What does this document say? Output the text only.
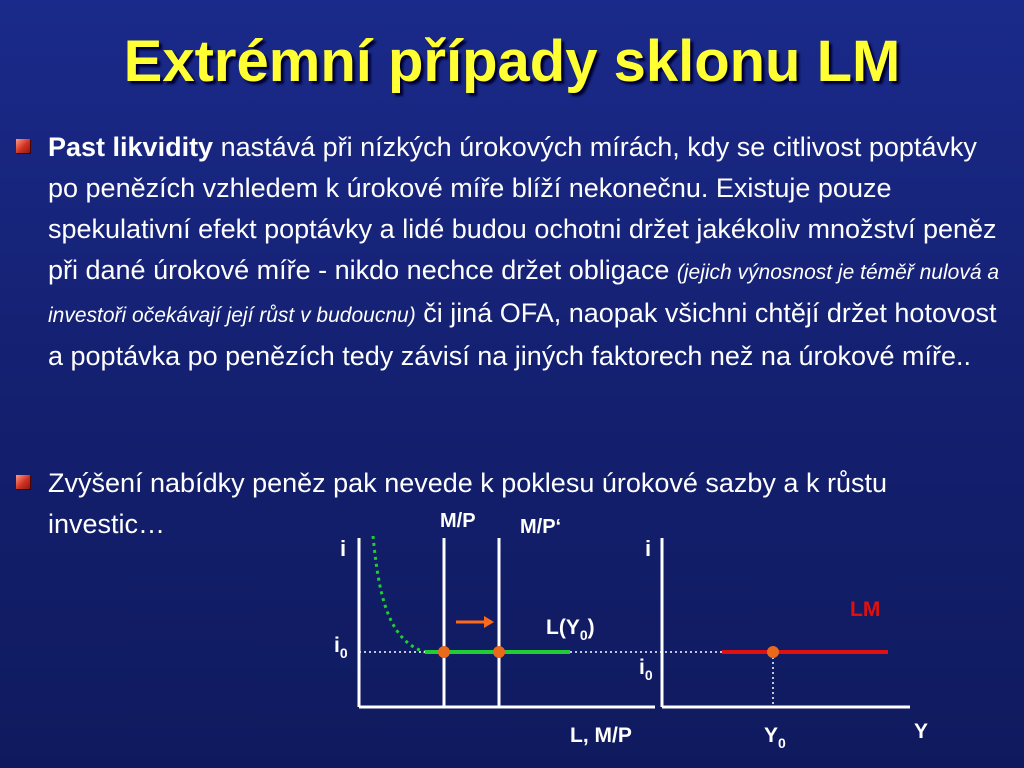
Extrémní případy sklonu LM
Past likvidity nastává při nízkých úrokových mírách, kdy se citlivost poptávky po penězích vzhledem k úrokové míře blíží nekonečnu. Existuje pouze spekulativní efekt poptávky a lidé budou ochotni držet jakékoliv množství peněz při dané úrokové míře - nikdo nechce držet obligace (jejich výnosnost je téměř nulová a investoři očekávají její růst v budoucnu) či jiná OFA, naopak všichni chtějí držet hotovost a poptávka po penězích tedy závisí na jiných faktorech než na úrokové míře..
Zvýšení nabídky peněz pak nevede k poklesu úrokové sazby a k růstu investic…
i
L, M/P
M/P M/P‘
$L(Y_0)$
$i_0$
i
Y
LM
$i_0$
$Y_0$
